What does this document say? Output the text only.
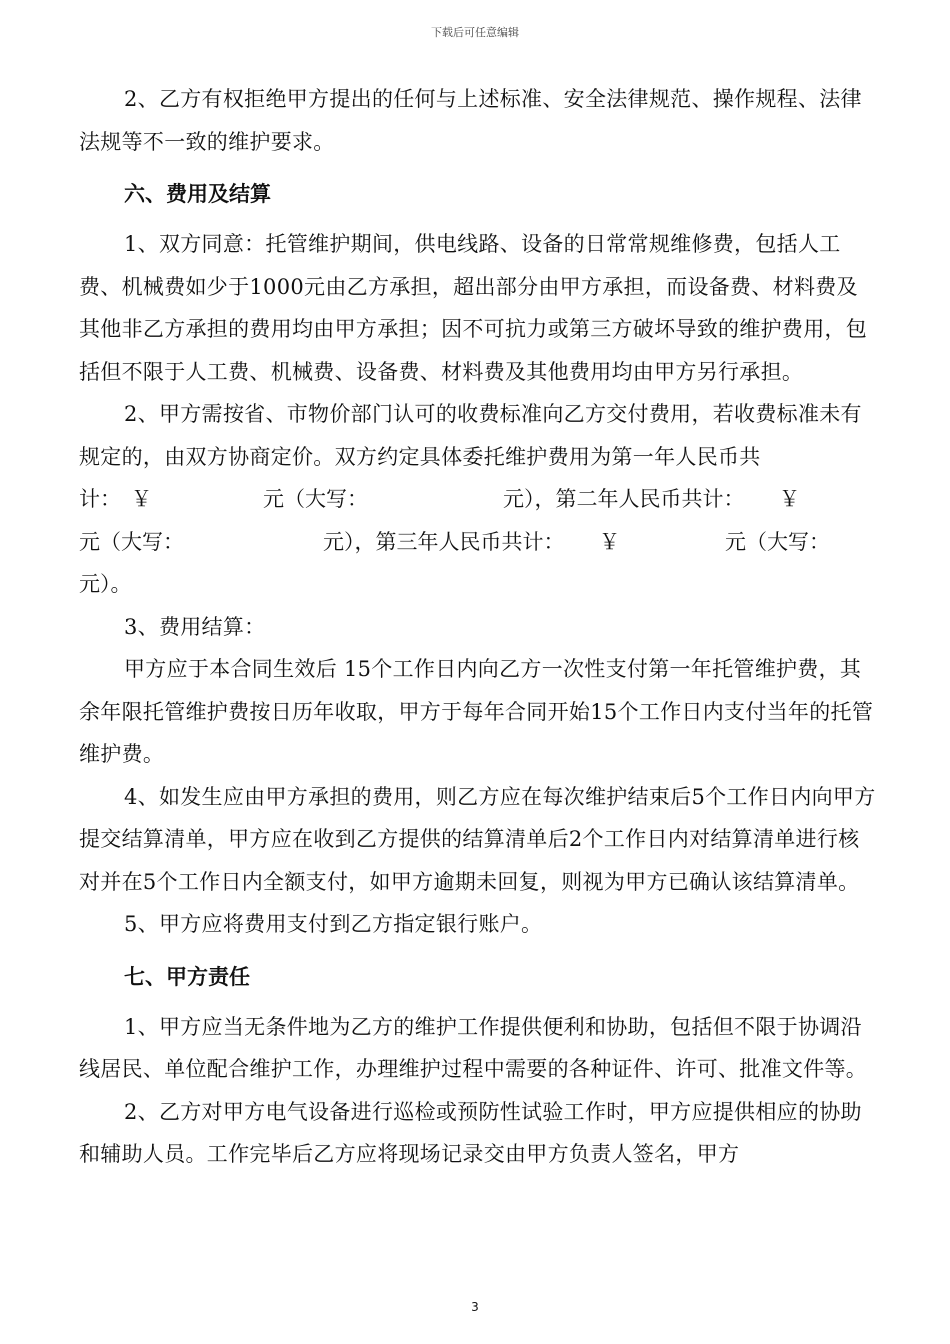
下载后可任意编辑

2、乙方有权拒绝甲方提出的任何与上述标准、安全法律规范、操作规程、法律法规等不一致的维护要求。

六、费用及结算

1、双方同意：托管维护期间，供电线路、设备的日常常规维修费，包括人工费、机械费如少于1000元由乙方承担，超出部分由甲方承担，而设备费、材料费及其他非乙方承担的费用均由甲方承担；因不可抗力或第三方破坏导致的维护费用，包括但不限于人工费、机械费、设备费、材料费及其他费用均由甲方另行承担。

2、甲方需按省、市物价部门认可的收费标准向乙方交付费用，若收费标准未有规定的，由双方协商定价。双方约定具体委托维护费用为第一年人民币共

计： ￥	元（大写：	元），第二年人民币共计：	￥
元（大写：	元），第三年人民币共计：	￥	元（大写：
元）。

3、费用结算：

甲方应于本合同生效后 15个工作日内向乙方一次性支付第一年托管维护费，其余年限托管维护费按日历年收取，甲方于每年合同开始15个工作日内支付当年的托管维护费。

4、如发生应由甲方承担的费用，则乙方应在每次维护结束后5个工作日内向甲方提交结算清单，甲方应在收到乙方提供的结算清单后2个工作日内对结算清单进行核对并在5个工作日内全额支付，如甲方逾期未回复，则视为甲方已确认该结算清单。

5、甲方应将费用支付到乙方指定银行账户。

七、甲方责任

1、甲方应当无条件地为乙方的维护工作提供便利和协助，包括但不限于协调沿线居民、单位配合维护工作，办理维护过程中需要的各种证件、许可、批准文件等。

2、乙方对甲方电气设备进行巡检或预防性试验工作时，甲方应提供相应的协助和辅助人员。工作完毕后乙方应将现场记录交由甲方负责人签名，甲方

3
